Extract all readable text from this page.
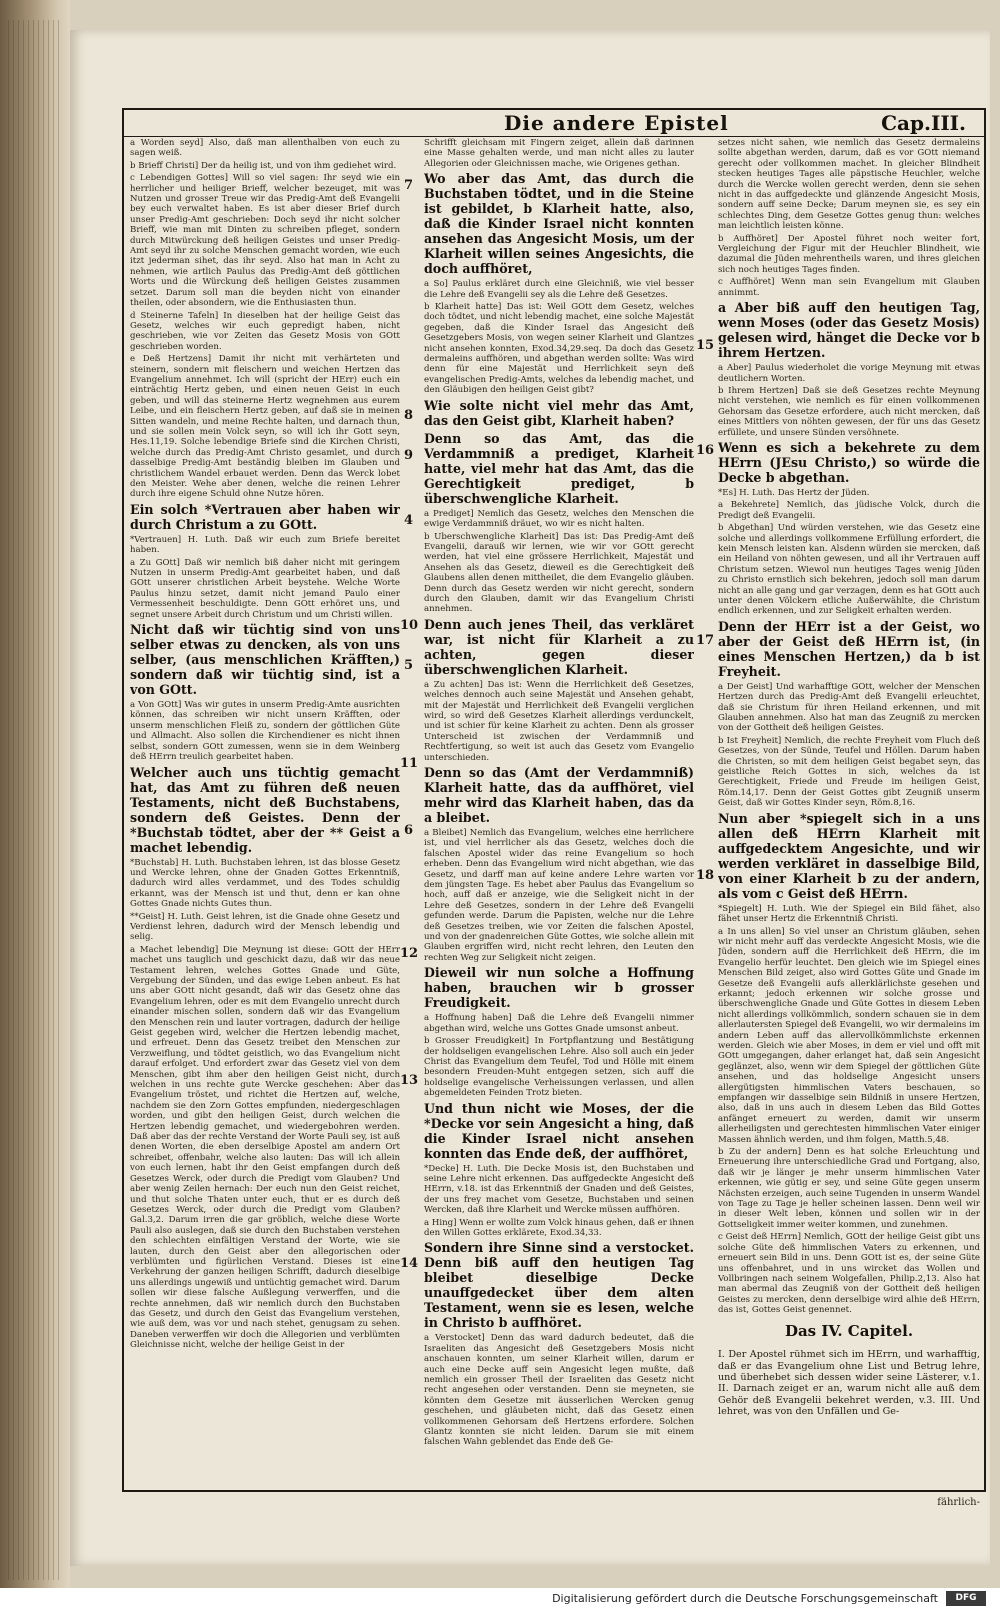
Die andere Epistel	Cap.III.
4
5
6
7
8
9
10
11
12
13
14
15
16
17
18

a Worden seyd] Also, daß man allenthalben von euch zu sagen weiß.

b Brieff Christi] Der da heilig ist, und von ihm gediehet wird.

c Lebendigen Gottes] Will so viel sagen: Ihr seyd wie ein herrlicher und heiliger Brieff, welcher bezeuget, mit was Nutzen und grosser Treue wir das Predig-Amt deß Evangelii bey euch verwaltet haben. Es ist aber dieser Brief durch unser Predig-Amt geschrieben: Doch seyd ihr nicht solcher Brieff, wie man mit Dinten zu schreiben pfleget, sondern durch Mitwürckung deß heiligen Geistes und unser Predig-Amt seyd ihr zu solche Menschen gemacht worden, wie euch itzt jederman sihet, das ihr seyd. Also hat man in Acht zu nehmen, wie artlich Paulus das Predig-Amt deß göttlichen Worts und die Würckung deß heiligen Geistes zusammen setzet. Darum soll man die beyden nicht von einander theilen, oder absondern, wie die Enthusiasten thun.

d Steinerne Tafeln] In dieselben hat der heilige Geist das Gesetz, welches wir euch gepredigt haben, nicht geschrieben, wie vor Zeiten das Gesetz Mosis von GOtt geschrieben worden.

e Deß Hertzens] Damit ihr nicht mit verhärteten und steinern, sondern mit fleischern und weichen Hertzen das Evangelium annehmet. Ich will (spricht der HErr) euch ein einträchtig Hertz geben, und einen neuen Geist in euch geben, und will das steinerne Hertz wegnehmen aus eurem Leibe, und ein fleischern Hertz geben, auf daß sie in meinen Sitten wandeln, und meine Rechte halten, und darnach thun, und sie sollen mein Volck seyn, so will ich ihr Gott seyn, Hes.11,19. Solche lebendige Briefe sind die Kirchen Christi, welche durch das Predig-Amt Christo gesamlet, und durch dasselbige Predig-Amt beständig bleiben im Glauben und christlichem Wandel erbauet werden. Denn das Werck lobet den Meister. Wehe aber denen, welche die reinen Lehrer durch ihre eigene Schuld ohne Nutze hören.

Ein solch *Vertrauen aber haben wir durch Christum a zu GOtt.

*Vertrauen] H. Luth. Daß wir euch zum Briefe bereitet haben.

a Zu GOtt] Daß wir nemlich biß daher nicht mit geringem Nutzen in unserm Predig-Amt gearbeitet haben, und daß GOtt unserer christlichen Arbeit beystehe. Welche Worte Paulus hinzu setzet, damit nicht jemand Paulo einer Vermessenheit beschuldigte. Denn GOtt erhöret uns, und segnet unsere Arbeit durch Christum und um Christi willen.

Nicht daß wir tüchtig sind von uns selber etwas zu dencken, als von uns selber, (aus menschlichen Kräfften,) sondern daß wir tüchtig sind, ist a von GOtt.

a Von GOtt] Was wir gutes in unserm Predig-Amte ausrichten können, das schreiben wir nicht unsern Kräfften, oder unserm menschlichen Fleiß zu, sondern der göttlichen Güte und Allmacht. Also sollen die Kirchendiener es nicht ihnen selbst, sondern GOtt zumessen, wenn sie in dem Weinberg deß HErrn treulich gearbeitet haben.

Welcher auch uns tüchtig gemacht hat, das Amt zu führen deß neuen Testaments, nicht deß Buchstabens, sondern deß Geistes. Denn der *Buchstab tödtet, aber der ** Geist a machet lebendig.

*Buchstab] H. Luth. Buchstaben lehren, ist das blosse Gesetz und Wercke lehren, ohne der Gnaden Gottes Erkenntniß, dadurch wird alles verdammet, und des Todes schuldig erkannt, was der Mensch ist und thut, denn er kan ohne Gottes Gnade nichts Gutes thun.

**Geist] H. Luth. Geist lehren, ist die Gnade ohne Gesetz und Verdienst lehren, dadurch wird der Mensch lebendig und selig.

a Machet lebendig] Die Meynung ist diese: GOtt der HErr machet uns tauglich und geschickt dazu, daß wir das neue Testament lehren, welches Gottes Gnade und Güte, Vergebung der Sünden, und das ewige Leben anbeut. Es hat uns aber GOtt nicht gesandt, daß wir das Gesetz ohne das Evangelium lehren, oder es mit dem Evangelio unrecht durch einander mischen sollen, sondern daß wir das Evangelium den Menschen rein und lauter vortragen, dadurch der heilige Geist gegeben wird, welcher die Hertzen lebendig machet, und erfreuet. Denn das Gesetz treibet den Menschen zur Verzweiflung, und tödtet geistlich, wo das Evangelium nicht darauf erfolget. Und erfordert zwar das Gesetz viel von dem Menschen, gibt ihm aber den heiligen Geist nicht, durch welchen in uns rechte gute Wercke geschehen: Aber das Evangelium tröstet, und richtet die Hertzen auf, welche, nachdem sie den Zorn Gottes empfunden, niedergeschlagen worden, und gibt den heiligen Geist, durch welchen die Hertzen lebendig gemachet, und wiedergebohren werden. Daß aber das der rechte Verstand der Worte Pauli sey, ist auß denen Worten, die eben derselbige Apostel am andern Ort schreibet, offenbahr, welche also lauten: Das will ich allein von euch lernen, habt ihr den Geist empfangen durch deß Gesetzes Werck, oder durch die Predigt vom Glauben? Und aber wenig Zeilen hernach: Der euch nun den Geist reichet, und thut solche Thaten unter euch, thut er es durch deß Gesetzes Werck, oder durch die Predigt vom Glauben? Gal.3,2. Darum irren die gar gröblich, welche diese Worte Pauli also auslegen, daß sie durch den Buchstaben verstehen den schlechten einfältigen Verstand der Worte, wie sie lauten, durch den Geist aber den allegorischen oder verblümten und figürlichen Verstand. Dieses ist eine Verkehrung der ganzen heiligen Schrifft, dadurch dieselbige uns allerdings ungewiß und untüchtig gemachet wird. Darum sollen wir diese falsche Außlegung verwerffen, und die rechte annehmen, daß wir nemlich durch den Buchstaben das Gesetz, und durch den Geist das Evangelium verstehen, wie auß dem, was vor und nach stehet, genugsam zu sehen. Daneben verwerffen wir doch die Allegorien und verblümten Gleichnisse nicht, welche der heilige Geist in der

Schrifft gleichsam mit Fingern zeiget, allein daß darinnen eine Masse gehalten werde, und man nicht alles zu lauter Allegorien oder Gleichnissen mache, wie Origenes gethan.

Wo aber das Amt, das durch die Buchstaben tödtet, und in die Steine ist gebildet, b Klarheit hatte, also, daß die Kinder Israel nicht konnten ansehen das Angesicht Mosis, um der Klarheit willen seines Angesichts, die doch auffhöret,

a So] Paulus erkläret durch eine Gleichniß, wie viel besser die Lehre deß Evangelii sey als die Lehre deß Gesetzes.

b Klarheit hatte] Das ist: Weil GOtt dem Gesetz, welches doch tödtet, und nicht lebendig machet, eine solche Majestät gegeben, daß die Kinder Israel das Angesicht deß Gesetzgebers Mosis, von wegen seiner Klarheit und Glantzes nicht ansehen konnten, Exod.34,29.seq. Da doch das Gesetz dermaleins auffhören, und abgethan werden sollte: Was wird denn für eine Majestät und Herrlichkeit seyn deß evangelischen Predig-Amts, welches da lebendig machet, und den Gläubigen den heiligen Geist gibt?

Wie solte nicht viel mehr das Amt, das den Geist gibt, Klarheit haben?

Denn so das Amt, das die Verdammniß a prediget, Klarheit hatte, viel mehr hat das Amt, das die Gerechtigkeit prediget, b überschwengliche Klarheit.

a Prediget] Nemlich das Gesetz, welches den Menschen die ewige Verdammniß dräuet, wo wir es nicht halten.

b Uberschwengliche Klarheit] Das ist: Das Predig-Amt deß Evangelii, darauß wir lernen, wie wir vor GOtt gerecht werden, hat viel eine grössere Herrlichkeit, Majestät und Ansehen als das Gesetz, dieweil es die Gerechtigkeit deß Glaubens allen denen mittheilet, die dem Evangelio gläuben. Denn durch das Gesetz werden wir nicht gerecht, sondern durch den Glauben, damit wir das Evangelium Christi annehmen.

Denn auch jenes Theil, das verkläret war, ist nicht für Klarheit a zu achten, gegen dieser überschwenglichen Klarheit.

a Zu achten] Das ist: Wenn die Herrlichkeit deß Gesetzes, welches dennoch auch seine Majestät und Ansehen gehabt, mit der Majestät und Herrlichkeit deß Evangelii verglichen wird, so wird deß Gesetzes Klarheit allerdings verdunckelt, und ist schier für keine Klarheit zu achten. Denn als grosser Unterscheid ist zwischen der Verdammniß und Rechtfertigung, so weit ist auch das Gesetz vom Evangelio unterschieden.

Denn so das (Amt der Verdammniß) Klarheit hatte, das da auffhöret, viel mehr wird das Klarheit haben, das da a bleibet.

a Bleibet] Nemlich das Evangelium, welches eine herrlichere ist, und viel herrlicher als das Gesetz, welches doch die falschen Apostel wider das reine Evangelium so hoch erheben. Denn das Evangelium wird nicht abgethan, wie das Gesetz, und darff man auf keine andere Lehre warten vor dem jüngsten Tage. Es hebet aber Paulus das Evangelium so hoch, auff daß er anzeige, wie die Seligkeit nicht in der Lehre deß Gesetzes, sondern in der Lehre deß Evangelii gefunden werde. Darum die Papisten, welche nur die Lehre deß Gesetzes treiben, wie vor Zeiten die falschen Apostel, und von der gnadenreichen Güte Gottes, wie solche allein mit Glauben ergriffen wird, nicht recht lehren, den Leuten den rechten Weg zur Seligkeit nicht zeigen.

Dieweil wir nun solche a Hoffnung haben, brauchen wir b grosser Freudigkeit.

a Hoffnung haben] Daß die Lehre deß Evangelii nimmer abgethan wird, welche uns Gottes Gnade umsonst anbeut.

b Grosser Freudigkeit] In Fortpflantzung und Bestätigung der holdseligen evangelischen Lehre. Also soll auch ein jeder Christ das Evangelium dem Teufel, Tod und Hölle mit einem besondern Freuden-Muht entgegen setzen, sich auff die holdselige evangelische Verheissungen verlassen, und allen abgemeldeten Feinden Trotz bieten.

Und thun nicht wie Moses, der die *Decke vor sein Angesicht a hing, daß die Kinder Israel nicht ansehen konnten das Ende deß, der auffhöret,

*Decke] H. Luth. Die Decke Mosis ist, den Buchstaben und seine Lehre nicht erkennen. Das auffgedeckte Angesicht deß HErrn, v.18. ist das Erkenntniß der Gnaden und deß Geistes, der uns frey machet vom Gesetze, Buchstaben und seinen Wercken, daß ihre Klarheit und Wercke müssen auffhören.

a Hing] Wenn er wollte zum Volck hinaus gehen, daß er ihnen den Willen Gottes erklärete, Exod.34,33.

Sondern ihre Sinne sind a verstocket. Denn biß auff den heutigen Tag bleibet dieselbige Decke unauffgedecket über dem alten Testament, wenn sie es lesen, welche in Christo b auffhöret.

a Verstocket] Denn das ward dadurch bedeutet, daß die Israeliten das Angesicht deß Gesetzgebers Mosis nicht anschauen konnten, um seiner Klarheit willen, darum er auch eine Decke auff sein Angesicht legen mußte, daß nemlich ein grosser Theil der Israeliten das Gesetz nicht recht angesehen oder verstanden. Denn sie meyneten, sie könnten dem Gesetze mit äusserlichen Wercken genug geschehen, und gläubeten nicht, daß das Gesetz einen vollkommenen Gehorsam deß Hertzens erfordere. Solchen Glantz konnten sie nicht leiden. Darum sie mit einem falschen Wahn geblendet das Ende deß Ge-

setzes nicht sahen, wie nemlich das Gesetz dermaleins sollte abgethan werden, darum, daß es vor GOtt niemand gerecht oder vollkommen machet. In gleicher Blindheit stecken heutiges Tages alle päpstische Heuchler, welche durch die Wercke wollen gerecht werden, denn sie sehen nicht in das auffgedeckte und glänzende Angesicht Mosis, sondern auff seine Decke; Darum meynen sie, es sey ein schlechtes Ding, dem Gesetze Gottes genug thun: welches man leichtlich leisten könne.

b Auffhöret] Der Apostel führet noch weiter fort, Vergleichung der Figur mit der Heuchler Blindheit, wie dazumal die Jüden mehrentheils waren, und ihres gleichen sich noch heutiges Tages finden.

c Auffhöret] Wenn man sein Evangelium mit Glauben annimmt.

a Aber biß auff den heutigen Tag, wenn Moses (oder das Gesetz Mosis) gelesen wird, hänget die Decke vor b ihrem Hertzen.

a Aber] Paulus wiederholet die vorige Meynung mit etwas deutlichern Worten.

b Ihrem Hertzen] Daß sie deß Gesetzes rechte Meynung nicht verstehen, wie nemlich es für einen vollkommenen Gehorsam das Gesetze erfordere, auch nicht mercken, daß eines Mittlers von nöhten gewesen, der für uns das Gesetz erfüllete, und unsere Sünden versöhnete.

Wenn es sich a bekehrete zu dem HErrn (JEsu Christo,) so würde die Decke b abgethan.

*Es] H. Luth. Das Hertz der Jüden.

a Bekehrete] Nemlich, das jüdische Volck, durch die Predigt deß Evangelii.

b Abgethan] Und würden verstehen, wie das Gesetz eine solche und allerdings vollkommene Erfüllung erfordert, die kein Mensch leisten kan. Alsdenn würden sie mercken, daß ein Heiland von nöhten gewesen, und all ihr Vertrauen auff Christum setzen. Wiewol nun heutiges Tages wenig Jüden zu Christo ernstlich sich bekehren, jedoch soll man darum nicht an alle gang und gar verzagen, denn es hat GOtt auch unter denen Völckern etliche Außerwählte, die Christum endlich erkennen, und zur Seligkeit erhalten werden.

Denn der HErr ist a der Geist, wo aber der Geist deß HErrn ist, (in eines Menschen Hertzen,) da b ist Freyheit.

a Der Geist] Und warhafftige GOtt, welcher der Menschen Hertzen durch das Predig-Amt deß Evangelii erleuchtet, daß sie Christum für ihren Heiland erkennen, und mit Glauben annehmen. Also hat man das Zeugniß zu mercken von der Gottheit deß heiligen Geistes.

b Ist Freyheit] Nemlich, die rechte Freyheit vom Fluch deß Gesetzes, von der Sünde, Teufel und Höllen. Darum haben die Christen, so mit dem heiligen Geist begabet seyn, das geistliche Reich Gottes in sich, welches da ist Gerechtigkeit, Friede und Freude im heiligen Geist, Röm.14,17. Denn der Geist Gottes gibt Zeugniß unserm Geist, daß wir Gottes Kinder seyn, Röm.8,16.

Nun aber *spiegelt sich in a uns allen deß HErrn Klarheit mit auffgedecktem Angesichte, und wir werden verkläret in dasselbige Bild, von einer Klarheit b zu der andern, als vom c Geist deß HErrn.

*Spiegelt] H. Luth. Wie der Spiegel ein Bild fähet, also fähet unser Hertz die Erkenntniß Christi.

a In uns allen] So viel unser an Christum gläuben, sehen wir nicht mehr auff das verdeckte Angesicht Mosis, wie die Jüden, sondern auff die Herrlichkeit deß HErrn, die im Evangelio herfür leuchtet. Den gleich wie im Spiegel eines Menschen Bild zeiget, also wird Gottes Güte und Gnade im Gesetze deß Evangelii aufs allerklärlichste gesehen und erkannt; jedoch erkennen wir solche grosse und überschwengliche Gnade und Güte Gottes in diesem Leben nicht allerdings vollkömmlich, sondern schauen sie in dem allerlautersten Spiegel deß Evangelii, wo wir dermaleins im andern Leben auff das allervollkömmlichste erkennen werden. Gleich wie aber Moses, in dem er viel und offt mit GOtt umgegangen, daher erlanget hat, daß sein Angesicht geglänzet, also, wenn wir dem Spiegel der göttlichen Güte ansehen, und das holdselige Angesicht unsers allergütigsten himmlischen Vaters beschauen, so empfangen wir dasselbige sein Bildniß in unsere Hertzen, also, daß in uns auch in diesem Leben das Bild Gottes anfänget erneuert zu werden, damit wir unserm allerheiligsten und gerechtesten himmlischen Vater einiger Massen ähnlich werden, und ihm folgen, Matth.5,48.

b Zu der andern] Denn es hat solche Erleuchtung und Erneuerung ihre unterschiedliche Grad und Fortgang, also, daß wir je länger je mehr unserm himmlischen Vater erkennen, wie gütig er sey, und seine Güte gegen unserm Nächsten erzeigen, auch seine Tugenden in unserm Wandel von Tage zu Tage je heller scheinen lassen. Denn weil wir in dieser Welt leben, können und sollen wir in der Gottseligkeit immer weiter kommen, und zunehmen.

c Geist deß HErrn] Nemlich, GOtt der heilige Geist gibt uns solche Güte deß himmlischen Vaters zu erkennen, und erneuert sein Bild in uns. Denn GOtt ist es, der seine Güte uns offenbahret, und in uns wircket das Wollen und Vollbringen nach seinem Wolgefallen, Philip.2,13. Also hat man abermal das Zeugniß von der Gottheit deß heiligen Geistes zu mercken, denn derselbige wird alhie deß HErrn, das ist, Gottes Geist genennet.

Das IV. Capitel.

I. Der Apostel rühmet sich im HErrn, und warhafftig, daß er das Evangelium ohne List und Betrug lehre, und überhebet sich dessen wider seine Lästerer, v.1. II. Darnach zeiget er an, warum nicht alle auß dem Gehör deß Evangelii bekehret werden, v.3. III. Und lehret, was von den Unfällen und Ge-

fährlich-
Digitalisierung gefördert durch die Deutsche Forschungsgemeinschaft	DFG
